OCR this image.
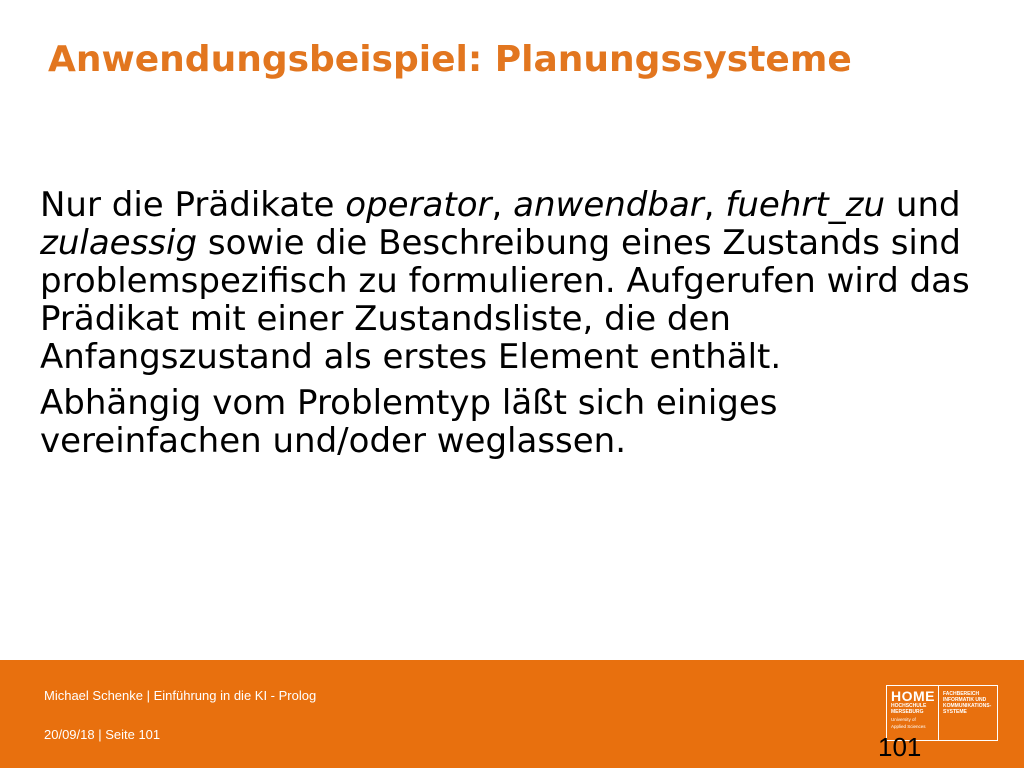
Anwendungsbeispiel: Planungssysteme

Nur die Prädikate operator, anwendbar, fuehrt_zu und zulaessig sowie die Beschreibung eines Zustands sind problemspezifisch zu formulieren. Aufgerufen wird das Prädikat mit einer Zustandsliste, die den Anfangszustand als erstes Element enthält.

Abhängig vom Problemtyp läßt sich einiges vereinfachen und/oder weglassen.

Michael Schenke | Einführung in die KI - Prolog
20/09/18 | Seite 101
HOME
HOCHSCHULE
MERSEBURG
University of
Applied Sciences
FACHBEREICH
INFORMATIK UND
KOMMUNIKATIONS-
SYSTEME
101
